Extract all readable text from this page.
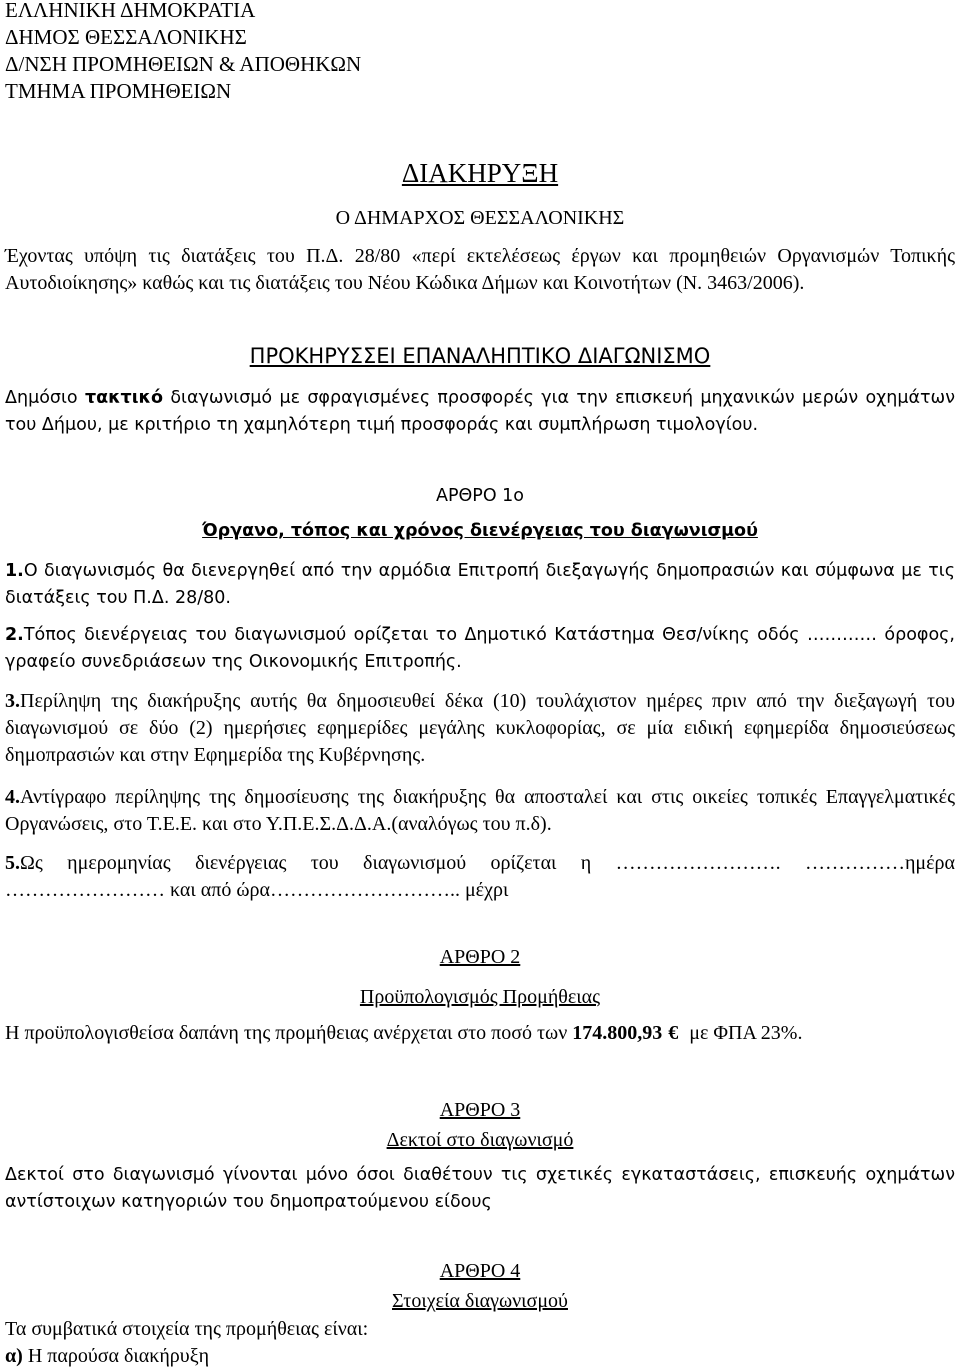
ΕΛΛΗΝΙΚΗ ΔΗΜΟΚΡΑΤΙΑ

ΔΗΜΟΣ ΘΕΣΣΑΛΟΝΙΚΗΣ

Δ/ΝΣΗ ΠΡΟΜΗΘΕΙΩΝ & ΑΠΟΘΗΚΩΝ

ΤΜΗΜΑ ΠΡΟΜΗΘΕΙΩΝ

ΔΙΑΚΗΡΥΞΗ

Ο ΔΗΜΑΡΧΟΣ ΘΕΣΣΑΛΟΝΙΚΗΣ

Έχοντας υπόψη τις διατάξεις του Π.Δ. 28/80 «περί εκτελέσεως έργων και προμηθειών Οργανισμών Τοπικής Αυτοδιοίκησης» καθώς και τις διατάξεις του Νέου Κώδικα Δήμων και Κοινοτήτων (Ν. 3463/2006).

ΠΡΟΚΗΡΥΣΣΕΙ ΕΠΑΝΑΛΗΠΤΙΚΟ ΔΙΑΓΩΝΙΣΜΟ

Δημόσιο τακτικό διαγωνισμό με σφραγισμένες προσφορές για την επισκευή μηχανικών μερών οχημάτων του Δήμου, με κριτήριο τη χαμηλότερη τιμή προσφοράς και συμπλήρωση τιμολογίου.

ΑΡΘΡΟ 1ο

Όργανο, τόπος και χρόνος διενέργειας του διαγωνισμού

1.Ο διαγωνισμός θα διενεργηθεί από την αρμόδια Επιτροπή διεξαγωγής δημοπρασιών και σύμφωνα με τις διατάξεις του Π.Δ. 28/80.

2.Τόπος διενέργειας του διαγωνισμού ορίζεται το Δημοτικό Κατάστημα Θεσ/νίκης οδός ………… όροφος, γραφείο συνεδριάσεων της Οικονομικής Επιτροπής.

3.Περίληψη της διακήρυξης αυτής θα δημοσιευθεί δέκα (10) τουλάχιστον ημέρες πριν από την διεξαγωγή του διαγωνισμού σε δύο (2) ημερήσιες εφημερίδες μεγάλης κυκλοφορίας, σε μία ειδική εφημερίδα δημοσιεύσεως δημοπρασιών και στην Εφημερίδα της Κυβέρνησης.

4.Αντίγραφο περίληψης της δημοσίευσης της διακήρυξης θα αποσταλεί και στις οικείες τοπικές Επαγγελματικές Οργανώσεις, στο Τ.Ε.Ε. και στο Υ.Π.Ε.Σ.Δ.Δ.Α.(αναλόγως του π.δ).

5.Ως ημερομηνίας διενέργειας του διαγωνισμού ορίζεται η ……………………. ……………ημέρα …………………… και από ώρα……………………….. μέχρι

ΑΡΘΡΟ 2

Προϋπολογισμός Προμήθειας

Η προϋπολογισθείσα δαπάνη της προμήθειας ανέρχεται στο ποσό των 174.800,93 € με ΦΠΑ 23%.

ΑΡΘΡΟ 3

Δεκτοί στο διαγωνισμό

Δεκτοί στο διαγωνισμό γίνονται μόνο όσοι διαθέτουν τις σχετικές εγκαταστάσεις, επισκευής οχημάτων αντίστοιχων κατηγοριών του δημοπρατούμενου είδους

ΑΡΘΡΟ 4

Στοιχεία διαγωνισμού

Τα συμβατικά στοιχεία της προμήθειας είναι:

α) Η παρούσα διακήρυξη
